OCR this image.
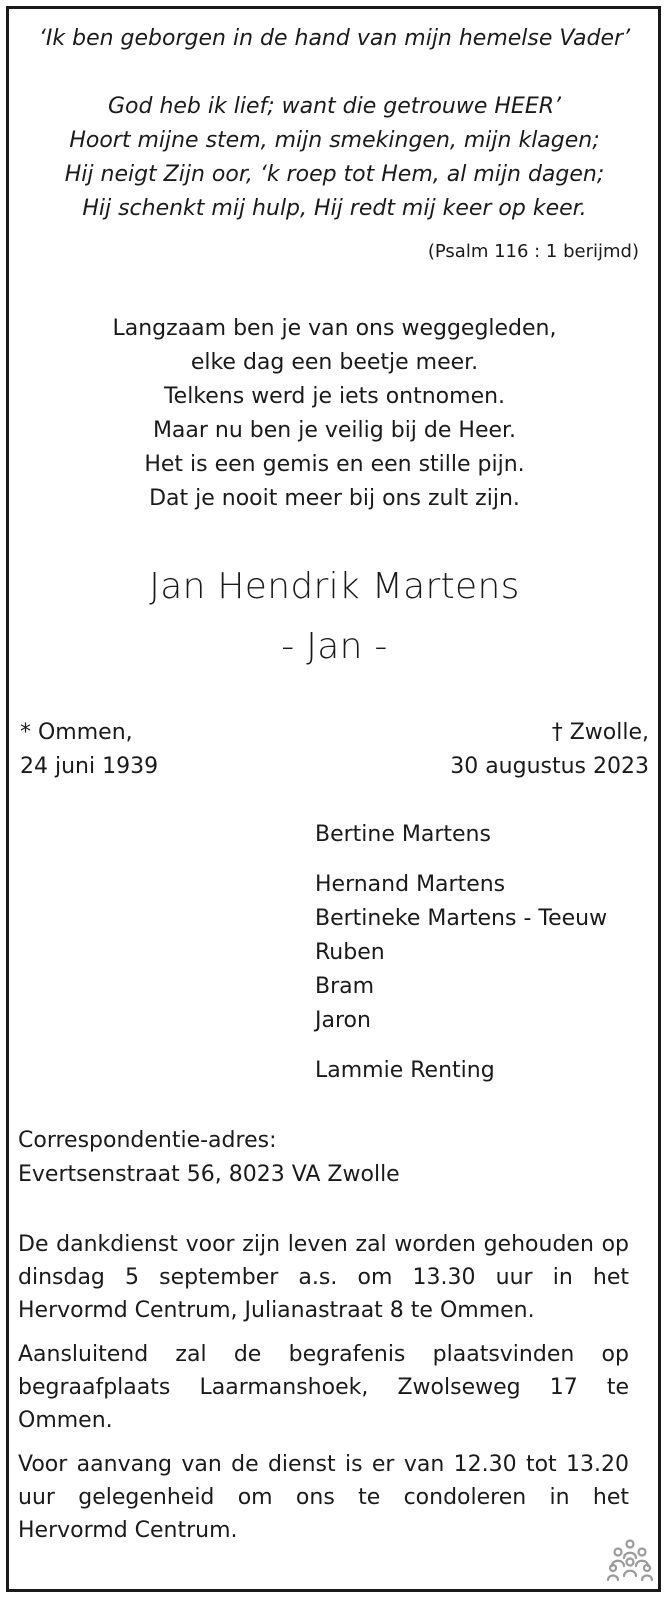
‘Ik ben geborgen in de hand van mijn hemelse Vader’
God heb ik lief; want die getrouwe HEER’
Hoort mijne stem, mijn smekingen, mijn klagen;
Hij neigt Zijn oor, ‘k roep tot Hem, al mijn dagen;
Hij schenkt mij hulp, Hij redt mij keer op keer.
(Psalm 116 : 1 berijmd)
Langzaam ben je van ons weggegleden,
elke dag een beetje meer.
Telkens werd je iets ontnomen.
Maar nu ben je veilig bij de Heer.
Het is een gemis en een stille pijn.
Dat je nooit meer bij ons zult zijn.
Jan Hendrik Martens
- Jan -
* Ommen,
24 juni 1939
† Zwolle,
30 augustus 2023
Bertine Martens
Hernand Martens
Bertineke Martens - Teeuw
Ruben
Bram
Jaron
Lammie Renting
Correspondentie-adres:
Evertsenstraat 56, 8023 VA Zwolle
De dankdienst voor zijn leven zal worden gehouden op dinsdag 5 september a.s. om 13.30 uur in het Hervormd Centrum, Julianastraat 8 te Ommen.
Aansluitend zal de begrafenis plaatsvinden op begraafplaats Laarmanshoek, Zwolseweg 17 te Ommen.
Voor aanvang van de dienst is er van 12.30 tot 13.20 uur gelegenheid om ons te condoleren in het Hervormd Centrum.
